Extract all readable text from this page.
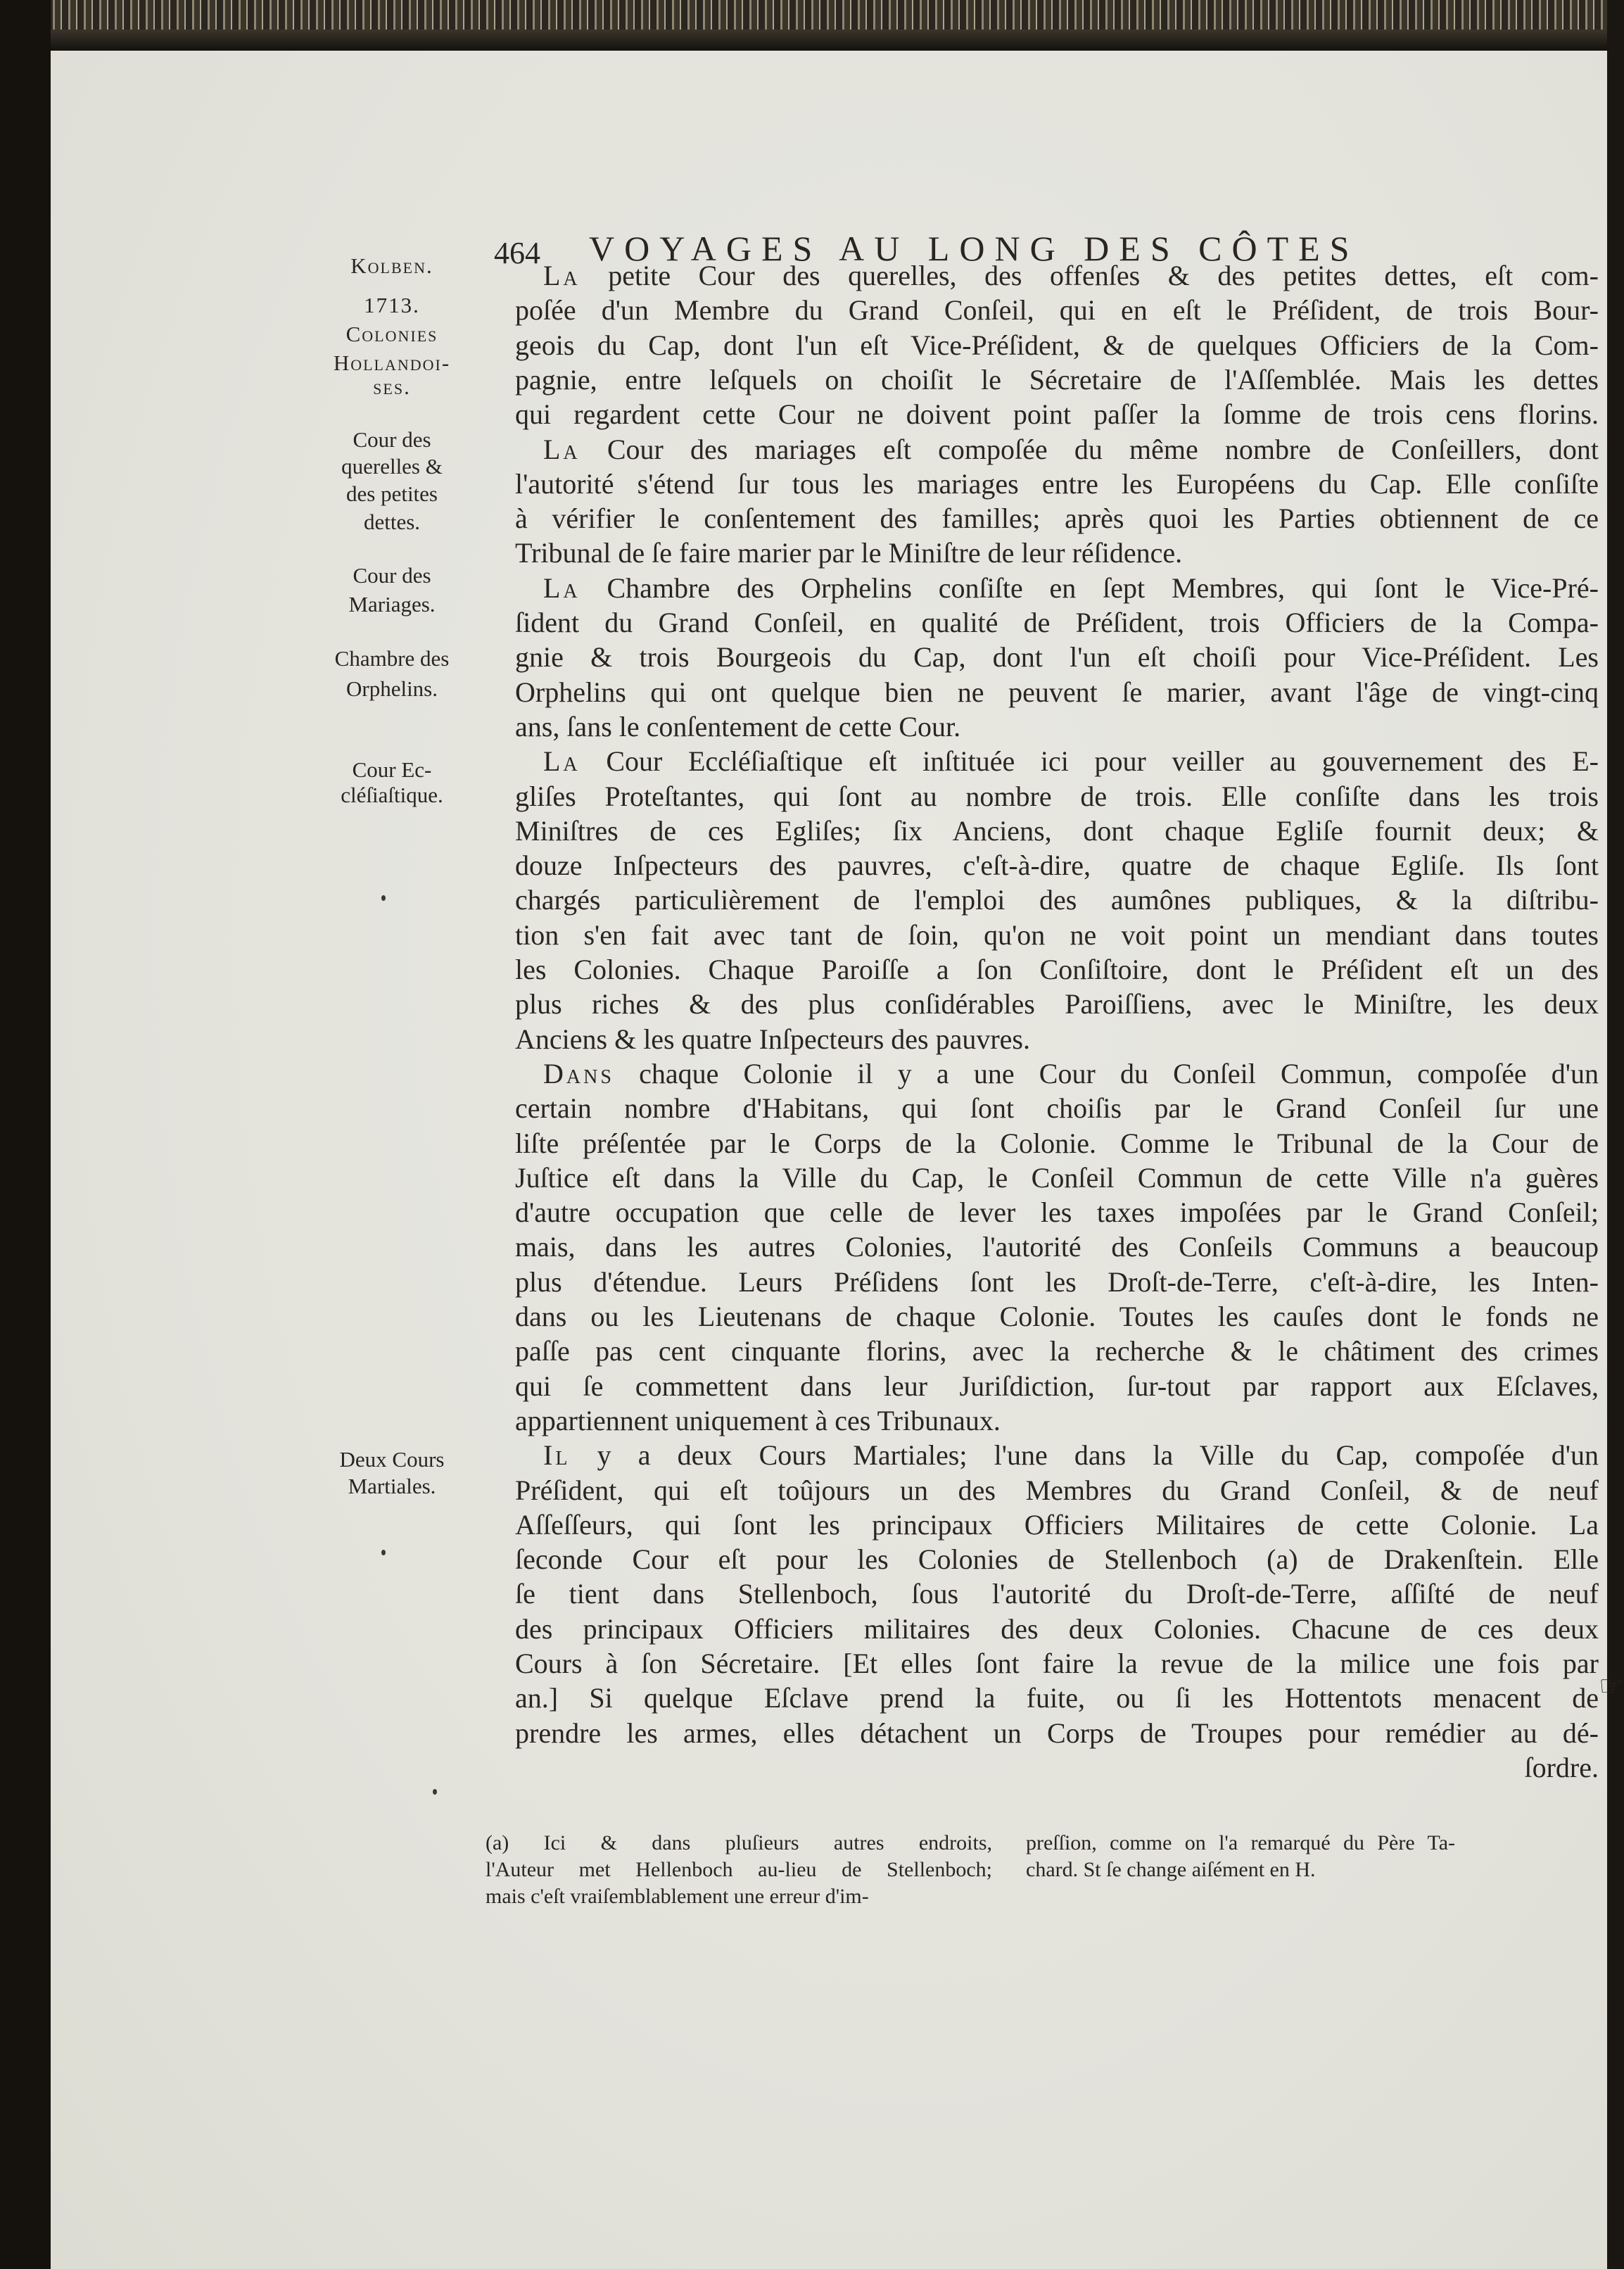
464 VOYAGES AU LONG DES CÔTES
☞
La petite Cour des querelles, des offenſes & des petites dettes, eſt com-
poſée d'un Membre du Grand Conſeil, qui en eſt le Préſident, de trois Bour-
geois du Cap, dont l'un eſt Vice-Préſident, & de quelques Officiers de la Com-
pagnie, entre leſquels on choiſit le Sécretaire de l'Aſſemblée. Mais les dettes
qui regardent cette Cour ne doivent point paſſer la ſomme de trois cens florins.
La Cour des mariages eſt compoſée du même nombre de Conſeillers, dont
l'autorité s'étend ſur tous les mariages entre les Européens du Cap. Elle conſiſte
à vérifier le conſentement des familles; après quoi les Parties obtiennent de ce
Tribunal de ſe faire marier par le Miniſtre de leur réſidence.
La Chambre des Orphelins conſiſte en ſept Membres, qui ſont le Vice-Pré-
ſident du Grand Conſeil, en qualité de Préſident, trois Officiers de la Compa-
gnie & trois Bourgeois du Cap, dont l'un eſt choiſi pour Vice-Préſident. Les
Orphelins qui ont quelque bien ne peuvent ſe marier, avant l'âge de vingt-cinq
ans, ſans le conſentement de cette Cour.
La Cour Eccléſiaſtique eſt inſtituée ici pour veiller au gouvernement des E-
gliſes Proteſtantes, qui ſont au nombre de trois. Elle conſiſte dans les trois
Miniſtres de ces Egliſes; ſix Anciens, dont chaque Egliſe fournit deux; &
douze Inſpecteurs des pauvres, c'eſt-à-dire, quatre de chaque Egliſe. Ils ſont
chargés particulièrement de l'emploi des aumônes publiques, & la diſtribu-
tion s'en fait avec tant de ſoin, qu'on ne voit point un mendiant dans toutes
les Colonies. Chaque Paroiſſe a ſon Conſiſtoire, dont le Préſident eſt un des
plus riches & des plus conſidérables Paroiſſiens, avec le Miniſtre, les deux
Anciens & les quatre Inſpecteurs des pauvres.
Dans chaque Colonie il y a une Cour du Conſeil Commun, compoſée d'un
certain nombre d'Habitans, qui ſont choiſis par le Grand Conſeil ſur une
liſte préſentée par le Corps de la Colonie. Comme le Tribunal de la Cour de
Juſtice eſt dans la Ville du Cap, le Conſeil Commun de cette Ville n'a guères
d'autre occupation que celle de lever les taxes impoſées par le Grand Conſeil;
mais, dans les autres Colonies, l'autorité des Conſeils Communs a beaucoup
plus d'étendue. Leurs Préſidens ſont les Droſt-de-Terre, c'eſt-à-dire, les Inten-
dans ou les Lieutenans de chaque Colonie. Toutes les cauſes dont le fonds ne
paſſe pas cent cinquante florins, avec la recherche & le châtiment des crimes
qui ſe commettent dans leur Juriſdiction, ſur-tout par rapport aux Eſclaves,
appartiennent uniquement à ces Tribunaux.
Il y a deux Cours Martiales; l'une dans la Ville du Cap, compoſée d'un
Préſident, qui eſt toûjours un des Membres du Grand Conſeil, & de neuf
Aſſeſſeurs, qui ſont les principaux Officiers Militaires de cette Colonie. La
ſeconde Cour eſt pour les Colonies de Stellenboch (a) de Drakenſtein. Elle
ſe tient dans Stellenboch, ſous l'autorité du Droſt-de-Terre, aſſiſté de neuf
des principaux Officiers militaires des deux Colonies. Chacune de ces deux
Cours à ſon Sécretaire. [Et elles ſont faire la revue de la milice une fois par
an.] Si quelque Eſclave prend la fuite, ou ſi les Hottentots menacent de
prendre les armes, elles détachent un Corps de Troupes pour remédier au dé-
ſordre.
Kolben.
1713.
Colonies
Hollandoi-
ses.
Cour des
querelles &
des petites
dettes.
Cour des
Mariages.
Chambre des
Orphelins.
Cour Ec-
cléſiaſtique.
Deux Cours
Martiales.
(a) Ici & dans pluſieurs autres endroits,
l'Auteur met Hellenboch au-lieu de Stellenboch;
mais c'eſt vraiſemblablement une erreur d'im-
preſſion, comme on l'a remarqué du Père Ta-
chard. St ſe change aiſément en H.
